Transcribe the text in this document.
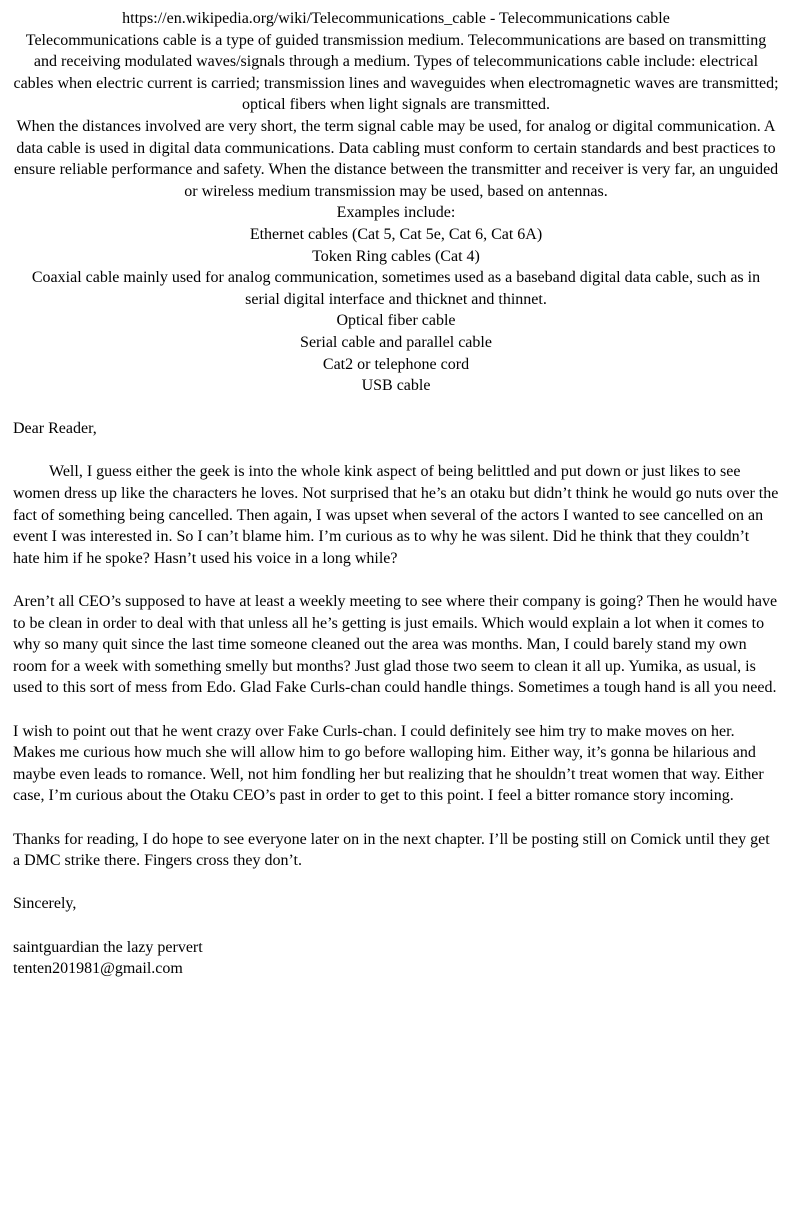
https://en.wikipedia.org/wiki/Telecommunications_cable - Telecommunications cable

Telecommunications cable is a type of guided transmission medium. Telecommunications are based on transmitting and receiving modulated waves/signals through a medium. Types of telecommunications cable include: electrical cables when electric current is carried; transmission lines and waveguides when electromagnetic waves are transmitted; optical fibers when light signals are transmitted.

When the distances involved are very short, the term signal cable may be used, for analog or digital communication. A data cable is used in digital data communications. Data cabling must conform to certain standards and best practices to ensure reliable performance and safety. When the distance between the transmitter and receiver is very far, an unguided or wireless medium transmission may be used, based on antennas.

Examples include:

Ethernet cables (Cat 5, Cat 5e, Cat 6, Cat 6A)

Token Ring cables (Cat 4)

Coaxial cable mainly used for analog communication, sometimes used as a baseband digital data cable, such as in serial digital interface and thicknet and thinnet.

Optical fiber cable

Serial cable and parallel cable

Cat2 or telephone cord

USB cable

Dear Reader,

Well, I guess either the geek is into the whole kink aspect of being belittled and put down or just likes to see women dress up like the characters he loves. Not surprised that he’s an otaku but didn’t think he would go nuts over the fact of something being cancelled. Then again, I was upset when several of the actors I wanted to see cancelled on an event I was interested in. So I can’t blame him. I’m curious as to why he was silent. Did he think that they couldn’t hate him if he spoke? Hasn’t used his voice in a long while?

Aren’t all CEO’s supposed to have at least a weekly meeting to see where their company is going? Then he would have to be clean in order to deal with that unless all he’s getting is just emails. Which would explain a lot when it comes to why so many quit since the last time someone cleaned out the area was months. Man, I could barely stand my own room for a week with something smelly but months? Just glad those two seem to clean it all up. Yumika, as usual, is used to this sort of mess from Edo. Glad Fake Curls-chan could handle things. Sometimes a tough hand is all you need.

I wish to point out that he went crazy over Fake Curls-chan. I could definitely see him try to make moves on her. Makes me curious how much she will allow him to go before walloping him. Either way, it’s gonna be hilarious and maybe even leads to romance. Well, not him fondling her but realizing that he shouldn’t treat women that way. Either case, I’m curious about the Otaku CEO’s past in order to get to this point. I feel a bitter romance story incoming.

Thanks for reading, I do hope to see everyone later on in the next chapter. I’ll be posting still on Comick until they get a DMC strike there. Fingers cross they don’t.

Sincerely,

saintguardian the lazy pervert

tenten201981@gmail.com
